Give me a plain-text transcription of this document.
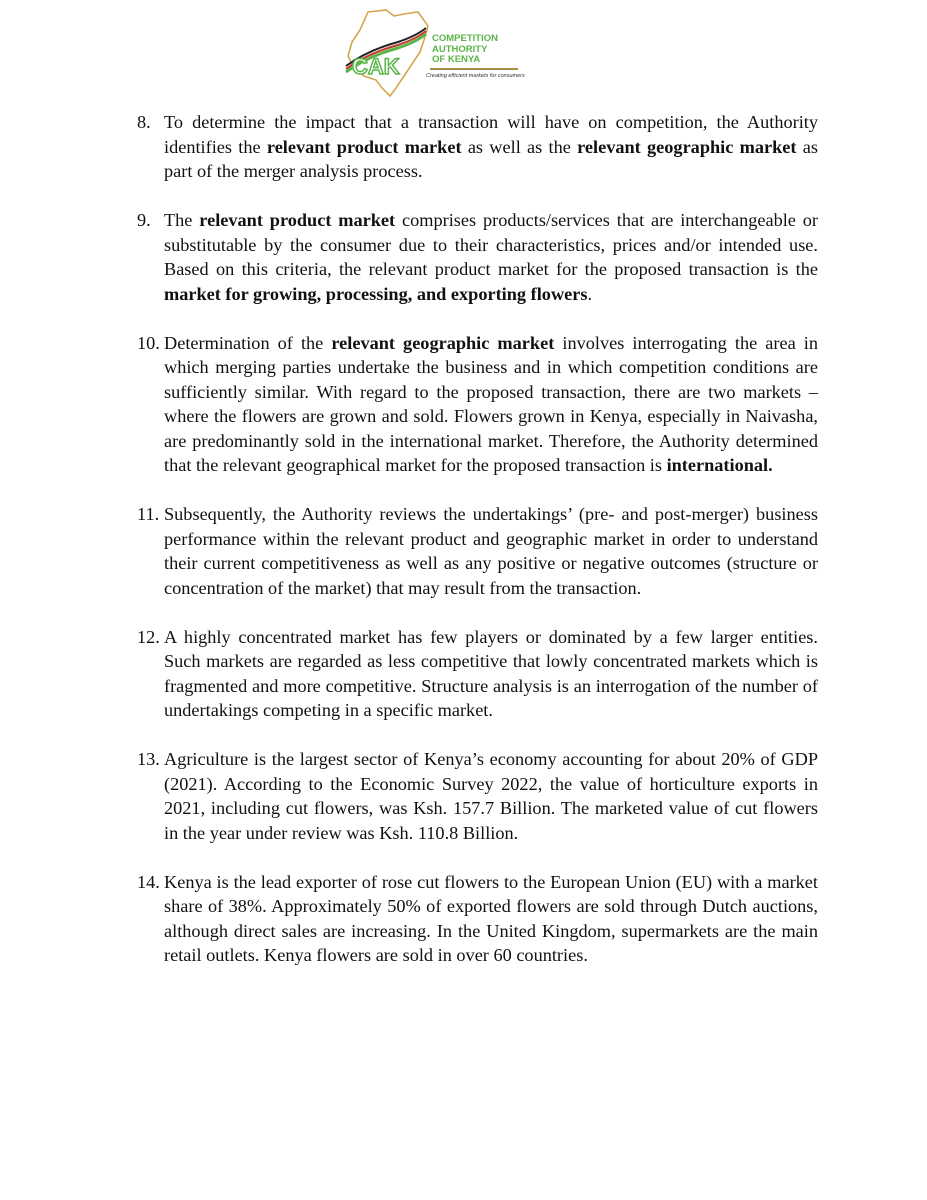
CAK
COMPETITION
AUTHORITY
OF KENYA
Creating efficient markets for consumers

8. To determine the impact that a transaction will have on competition, the Authority identifies the relevant product market as well as the relevant geographic market as part of the merger analysis process.

9. The relevant product market comprises products/services that are interchangeable or substitutable by the consumer due to their characteristics, prices and/or intended use. Based on this criteria, the relevant product market for the proposed transaction is the market for growing, processing, and exporting flowers.

10. Determination of the relevant geographic market involves interrogating the area in which merging parties undertake the business and in which competition conditions are sufficiently similar. With regard to the proposed transaction, there are two markets – where the flowers are grown and sold. Flowers grown in Kenya, especially in Naivasha, are predominantly sold in the international market. Therefore, the Authority determined that the relevant geographical market for the proposed transaction is international.

11. Subsequently, the Authority reviews the undertakings’ (pre- and post-merger) business performance within the relevant product and geographic market in order to understand their current competitiveness as well as any positive or negative outcomes (structure or concentration of the market) that may result from the transaction.

12. A highly concentrated market has few players or dominated by a few larger entities. Such markets are regarded as less competitive that lowly concentrated markets which is fragmented and more competitive. Structure analysis is an interrogation of the number of undertakings competing in a specific market.

13. Agriculture is the largest sector of Kenya’s economy accounting for about 20% of GDP (2021). According to the Economic Survey 2022, the value of horticulture exports in 2021, including cut flowers, was Ksh. 157.7 Billion. The marketed value of cut flowers in the year under review was Ksh. 110.8 Billion.

14. Kenya is the lead exporter of rose cut flowers to the European Union (EU) with a market share of 38%. Approximately 50% of exported flowers are sold through Dutch auctions, although direct sales are increasing. In the United Kingdom, supermarkets are the main retail outlets. Kenya flowers are sold in over 60 countries.
